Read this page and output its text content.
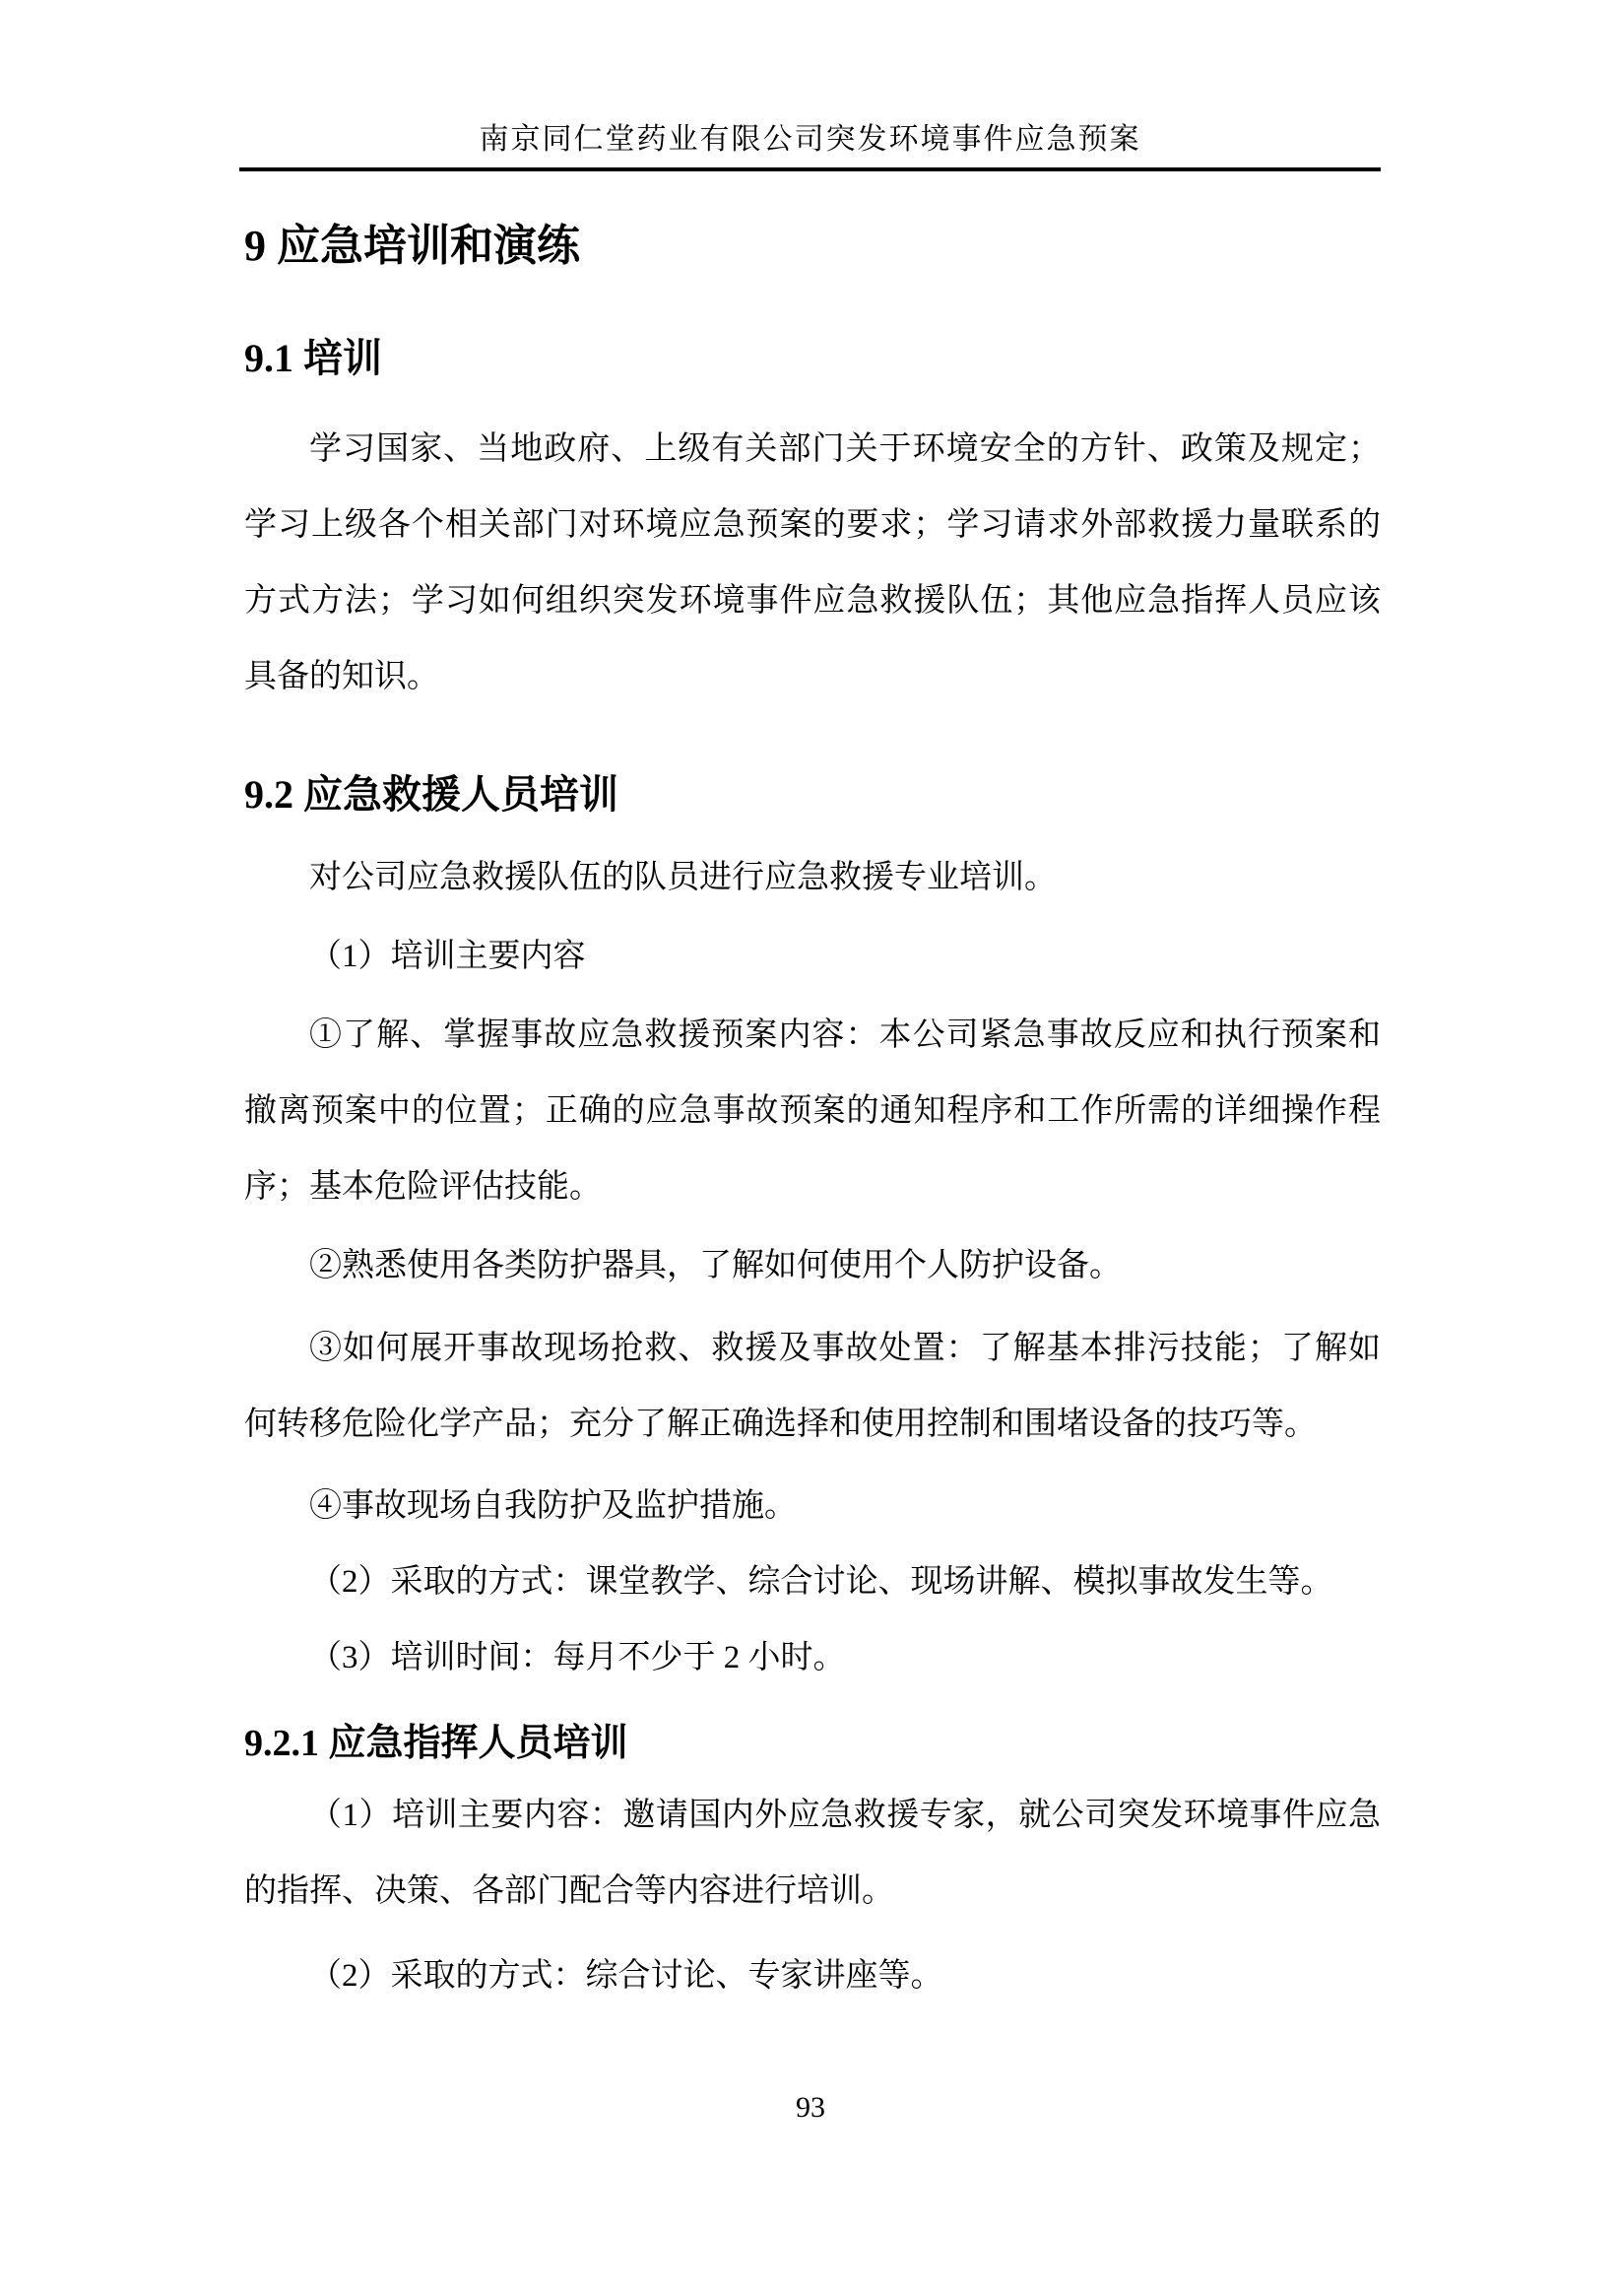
南京同仁堂药业有限公司突发环境事件应急预案
9 应急培训和演练
9.1 培训

学习国家、当地政府、上级有关部门关于环境安全的方针、政策及规定；学习上级各个相关部门对环境应急预案的要求；学习请求外部救援力量联系的方式方法；学习如何组织突发环境事件应急救援队伍；其他应急指挥人员应该具备的知识。

9.2 应急救援人员培训

对公司应急救援队伍的队员进行应急救援专业培训。

（1）培训主要内容

①了解、掌握事故应急救援预案内容：本公司紧急事故反应和执行预案和撤离预案中的位置；正确的应急事故预案的通知程序和工作所需的详细操作程序；基本危险评估技能。

②熟悉使用各类防护器具，了解如何使用个人防护设备。

③如何展开事故现场抢救、救援及事故处置：了解基本排污技能；了解如何转移危险化学产品；充分了解正确选择和使用控制和围堵设备的技巧等。

④事故现场自我防护及监护措施。

（2）采取的方式：课堂教学、综合讨论、现场讲解、模拟事故发生等。

（3）培训时间：每月不少于 2 小时。

9.2.1 应急指挥人员培训

（1）培训主要内容：邀请国内外应急救援专家，就公司突发环境事件应急的指挥、决策、各部门配合等内容进行培训。

（2）采取的方式：综合讨论、专家讲座等。

93
